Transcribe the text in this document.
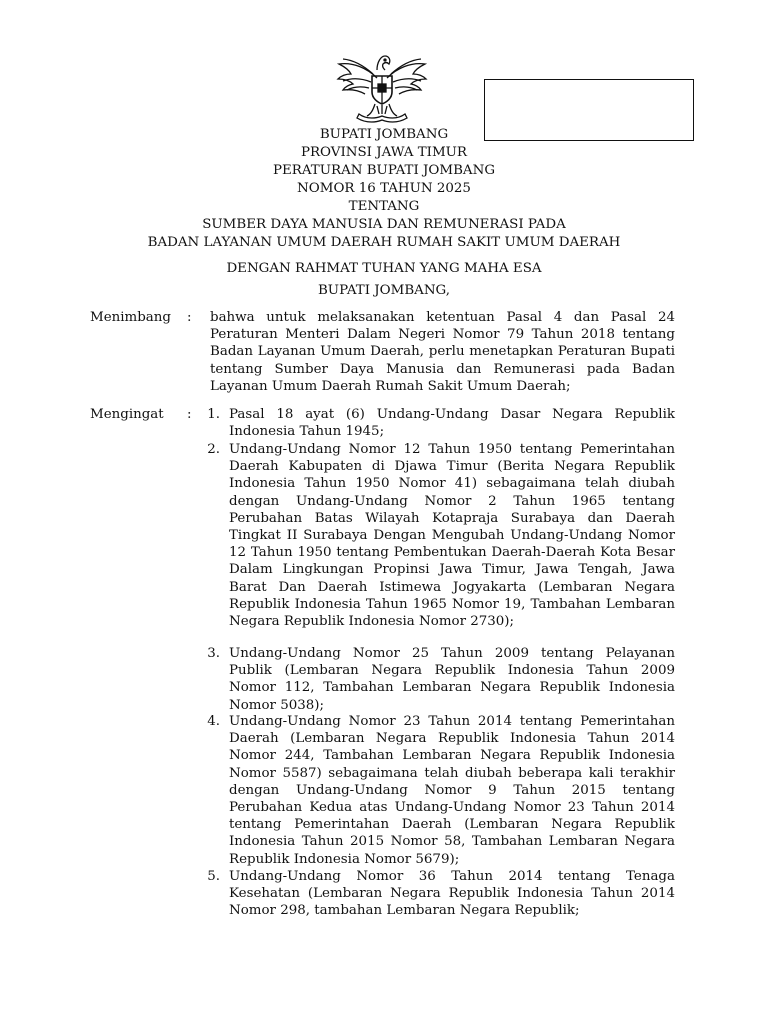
BUPATI JOMBANG
PROVINSI JAWA TIMUR
PERATURAN BUPATI JOMBANG
NOMOR 16 TAHUN 2025
TENTANG
SUMBER DAYA MANUSIA DAN REMUNERASI PADA
BADAN LAYANAN UMUM DAERAH RUMAH SAKIT UMUM DAERAH
DENGAN RAHMAT TUHAN YANG MAHA ESA
BUPATI JOMBANG,
Menimbang : bahwa untuk melaksanakan ketentuan Pasal 4 dan Pasal 24 Peraturan Menteri Dalam Negeri Nomor 79 Tahun 2018 tentang Badan Layanan Umum Daerah, perlu menetapkan Peraturan Bupati tentang Sumber Daya Manusia dan Remunerasi pada Badan Layanan Umum Daerah Rumah Sakit Umum Daerah;
Mengingat :	1. Pasal 18 ayat (6) Undang-Undang Dasar Negara Republik Indonesia Tahun 1945;
2. Undang-Undang Nomor 12 Tahun 1950 tentang Pemerintahan Daerah Kabupaten di Djawa Timur (Berita Negara Republik Indonesia Tahun 1950 Nomor 41) sebagaimana telah diubah dengan Undang-Undang Nomor 2 Tahun 1965 tentang Perubahan Batas Wilayah Kotapraja Surabaya dan Daerah Tingkat II Surabaya Dengan Mengubah Undang-Undang Nomor 12 Tahun 1950 tentang Pembentukan Daerah-Daerah Kota Besar Dalam Lingkungan Propinsi Jawa Timur, Jawa Tengah, Jawa Barat Dan Daerah Istimewa Jogyakarta (Lembaran Negara Republik Indonesia Tahun 1965 Nomor 19, Tambahan Lembaran Negara Republik Indonesia Nomor 2730);
3. Undang-Undang Nomor 25 Tahun 2009 tentang Pelayanan Publik (Lembaran Negara Republik Indonesia Tahun 2009 Nomor 112, Tambahan Lembaran Negara Republik Indonesia Nomor 5038);
4. Undang-Undang Nomor 23 Tahun 2014 tentang Pemerintahan Daerah (Lembaran Negara Republik Indonesia Tahun 2014 Nomor 244, Tambahan Lembaran Negara Republik Indonesia Nomor 5587) sebagaimana telah diubah beberapa kali terakhir dengan Undang-Undang Nomor 9 Tahun 2015 tentang Perubahan Kedua atas Undang-Undang Nomor 23 Tahun 2014 tentang Pemerintahan Daerah (Lembaran Negara Republik Indonesia Tahun 2015 Nomor 58, Tambahan Lembaran Negara Republik Indonesia Nomor 5679);
5. Undang-Undang Nomor 36 Tahun 2014 tentang Tenaga Kesehatan (Lembaran Negara Republik Indonesia Tahun 2014 Nomor 298, tambahan Lembaran Negara Republik;
